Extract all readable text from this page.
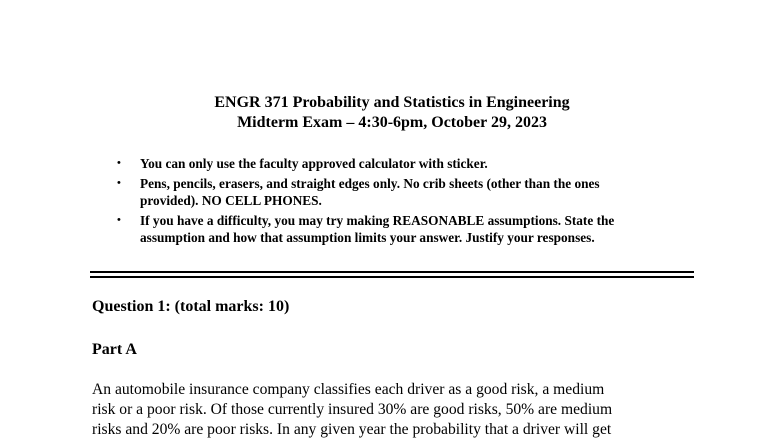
ENGR 371 Probability and Statistics in Engineering
Midterm Exam – 4:30-6pm, October 29, 2023
• You can only use the faculty approved calculator with sticker.
• Pens, pencils, erasers, and straight edges only. No crib sheets (other than the ones
provided). NO CELL PHONES.
• If you have a difficulty, you may try making REASONABLE assumptions. State the
assumption and how that assumption limits your answer. Justify your responses.
Question 1: (total marks: 10)
Part A
An automobile insurance company classifies each driver as a good risk, a medium
risk or a poor risk. Of those currently insured 30% are good risks, 50% are medium
risks and 20% are poor risks. In any given year the probability that a driver will get
